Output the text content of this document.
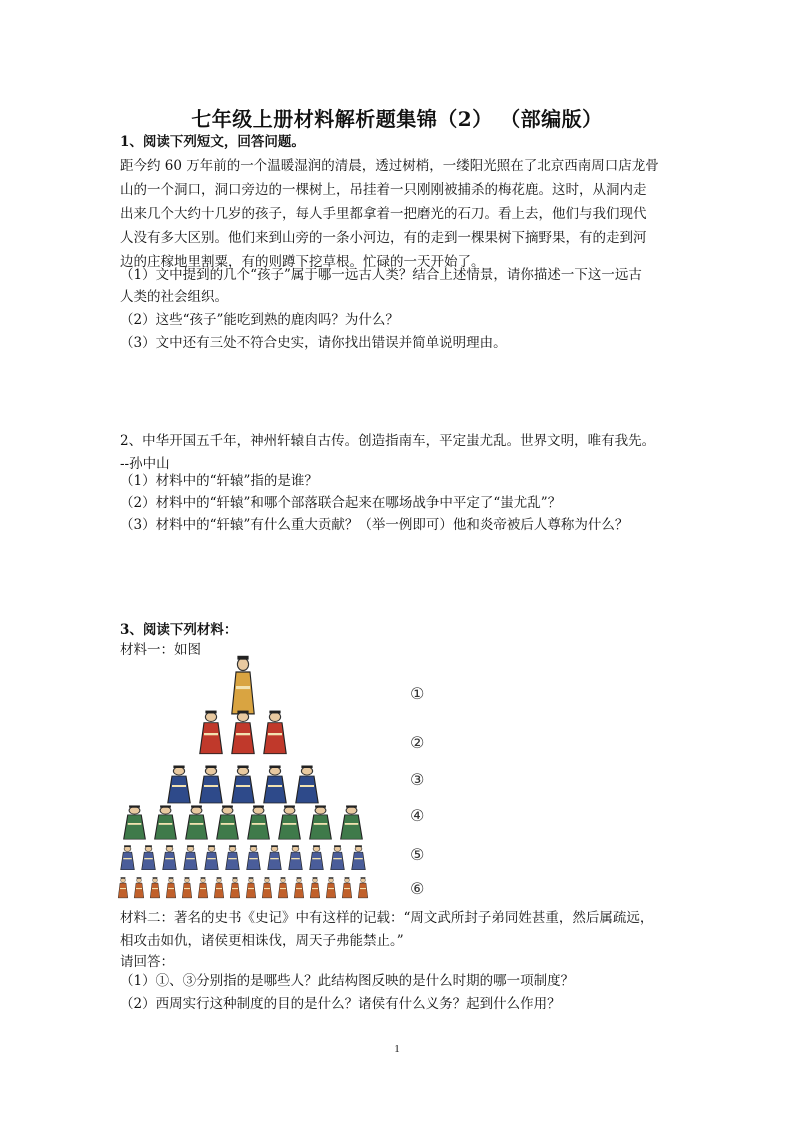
七年级上册材料解析题集锦（2） （部编版）
1、阅读下列短文，回答问题。
距今约 60 万年前的一个温暖湿润的清晨，透过树梢，一缕阳光照在了北京西南周口店龙骨
山的一个洞口，洞口旁边的一棵树上，吊挂着一只刚刚被捕杀的梅花鹿。这时，从洞内走
出来几个大约十几岁的孩子，每人手里都拿着一把磨光的石刀。看上去，他们与我们现代
人没有多大区别。他们来到山旁的一条小河边，有的走到一棵果树下摘野果，有的走到河
边的庄稼地里割粟，有的则蹲下挖草根。忙碌的一天开始了。
（1）文中提到的几个“孩子”属于哪一远古人类？结合上述情景，请你描述一下这一远古
人类的社会组织。
（2）这些“孩子”能吃到熟的鹿肉吗？为什么？
（3）文中还有三处不符合史实，请你找出错误并简单说明理由。
2、中华开国五千年，神州轩辕自古传。创造指南车，平定蚩尤乱。世界文明，唯有我先。
--孙中山
（1）材料中的“轩辕”指的是谁？
（2）材料中的“轩辕”和哪个部落联合起来在哪场战争中平定了“蚩尤乱”？
（3）材料中的“轩辕”有什么重大贡献？（举一例即可）他和炎帝被后人尊称为什么？
3、阅读下列材料：
材料一：如图
①
②
③
④
⑤
⑥
材料二：著名的史书《史记》中有这样的记载：“周文武所封子弟同姓甚重，然后属疏远，
相攻击如仇，诸侯更相诛伐，周天子弗能禁止。”
请回答：
（1）①、③分别指的是哪些人？此结构图反映的是什么时期的哪一项制度？
（2）西周实行这种制度的目的是什么？诸侯有什么义务？起到什么作用？
1
